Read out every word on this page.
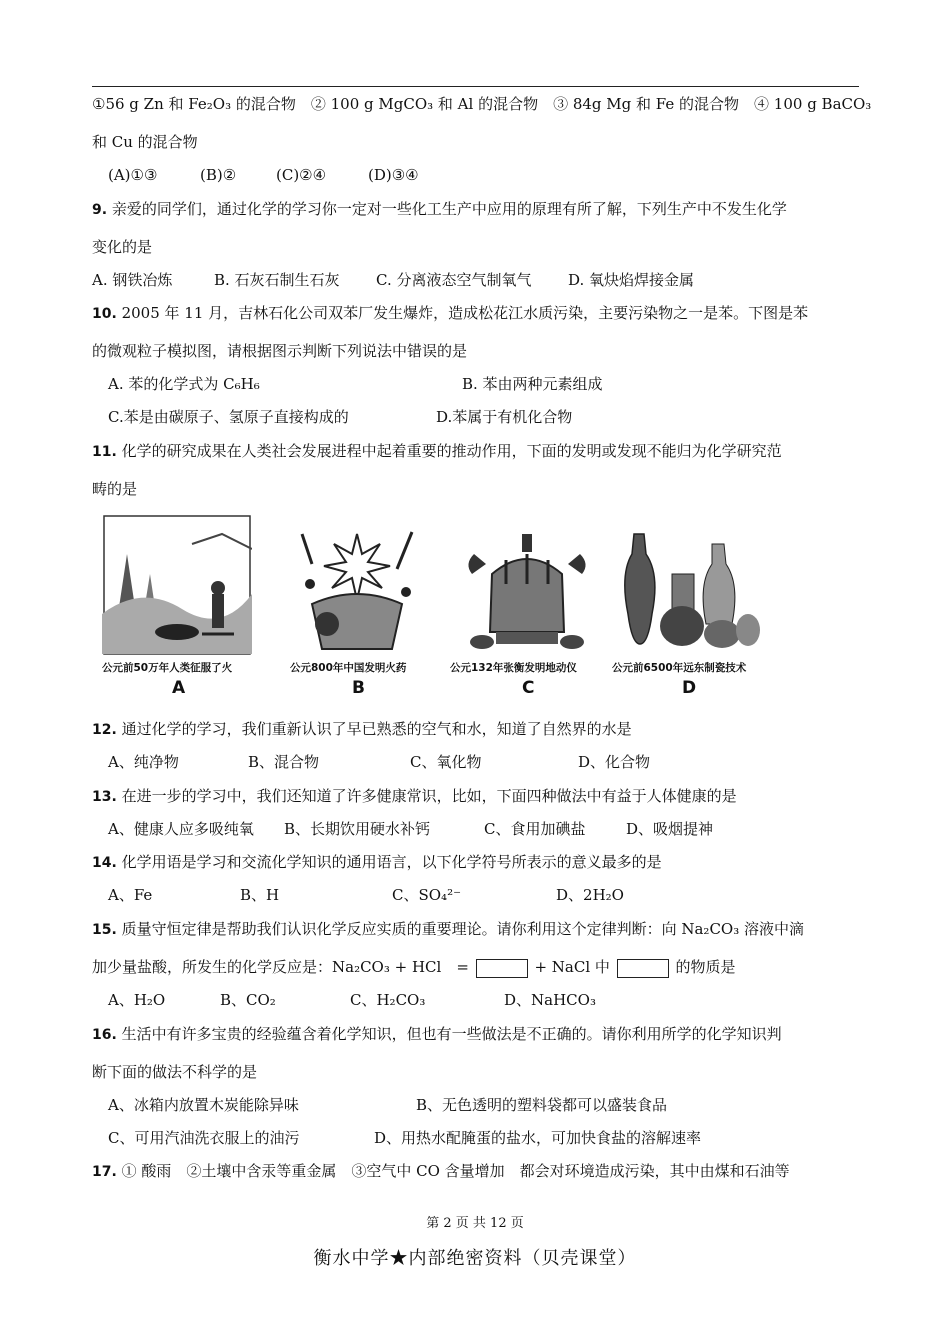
①56 g Zn 和 Fe₂O₃ 的混合物　② 100 g MgCO₃ 和 Al 的混合物　③ 84g Mg 和 Fe 的混合物　④ 100 g BaCO₃
和 Cu 的混合物
(A)①③	(B)②	(C)②④	(D)③④
9. 亲爱的同学们，通过化学的学习你一定对一些化工生产中应用的原理有所了解，下列生产中不发生化学
变化的是
A. 钢铁冶炼	B. 石灰石制生石灰 C. 分离液态空气制氧气 D. 氧炔焰焊接金属
10. 2005 年 11 月，吉林石化公司双苯厂发生爆炸，造成松花江水质污染，主要污染物之一是苯。下图是苯
的微观粒子模拟图，请根据图示判断下列说法中错误的是
A. 苯的化学式为 C₆H₆	B. 苯由两种元素组成
C.苯是由碳原子、氢原子直接构成的	D.苯属于有机化合物
11. 化学的研究成果在人类社会发展进程中起着重要的推动作用，下面的发明或发现不能归为化学研究范
畴的是
公元前50万年人类征服了火
A
公元800年中国发明火药
B
公元132年张衡发明地动仪
C
公元前6500年远东制瓷技术
D
12. 通过化学的学习，我们重新认识了早已熟悉的空气和水，知道了自然界的水是
A、纯净物	B、混合物	C、氧化物	D、化合物
13. 在进一步的学习中，我们还知道了许多健康常识，比如，下面四种做法中有益于人体健康的是
A、健康人应多吸纯氧 B、长期饮用硬水补钙	C、食用加碘盐	D、吸烟提神
14. 化学用语是学习和交流化学知识的通用语言，以下化学符号所表示的意义最多的是
A、Fe	B、H	C、SO₄²⁻	D、2H₂O
15. 质量守恒定律是帮助我们认识化学反应实质的重要理论。请你利用这个定律判断：向 Na₂CO₃ 溶液中滴
加少量盐酸，所发生的化学反应是：Na₂CO₃ + HCl　=	+ NaCl 中	的物质是
A、H₂O	B、CO₂	C、H₂CO₃	D、NaHCO₃
16. 生活中有许多宝贵的经验蕴含着化学知识，但也有一些做法是不正确的。请你利用所学的化学知识判
断下面的做法不科学的是
A、冰箱内放置木炭能除异味	B、无色透明的塑料袋都可以盛装食品
C、可用汽油洗衣服上的油污	D、用热水配腌蛋的盐水，可加快食盐的溶解速率
17. ① 酸雨　②土壤中含汞等重金属　③空气中 CO 含量增加　都会对环境造成污染，其中由煤和石油等
第 2 页 共 12 页
衡水中学★内部绝密资料（贝壳课堂）
